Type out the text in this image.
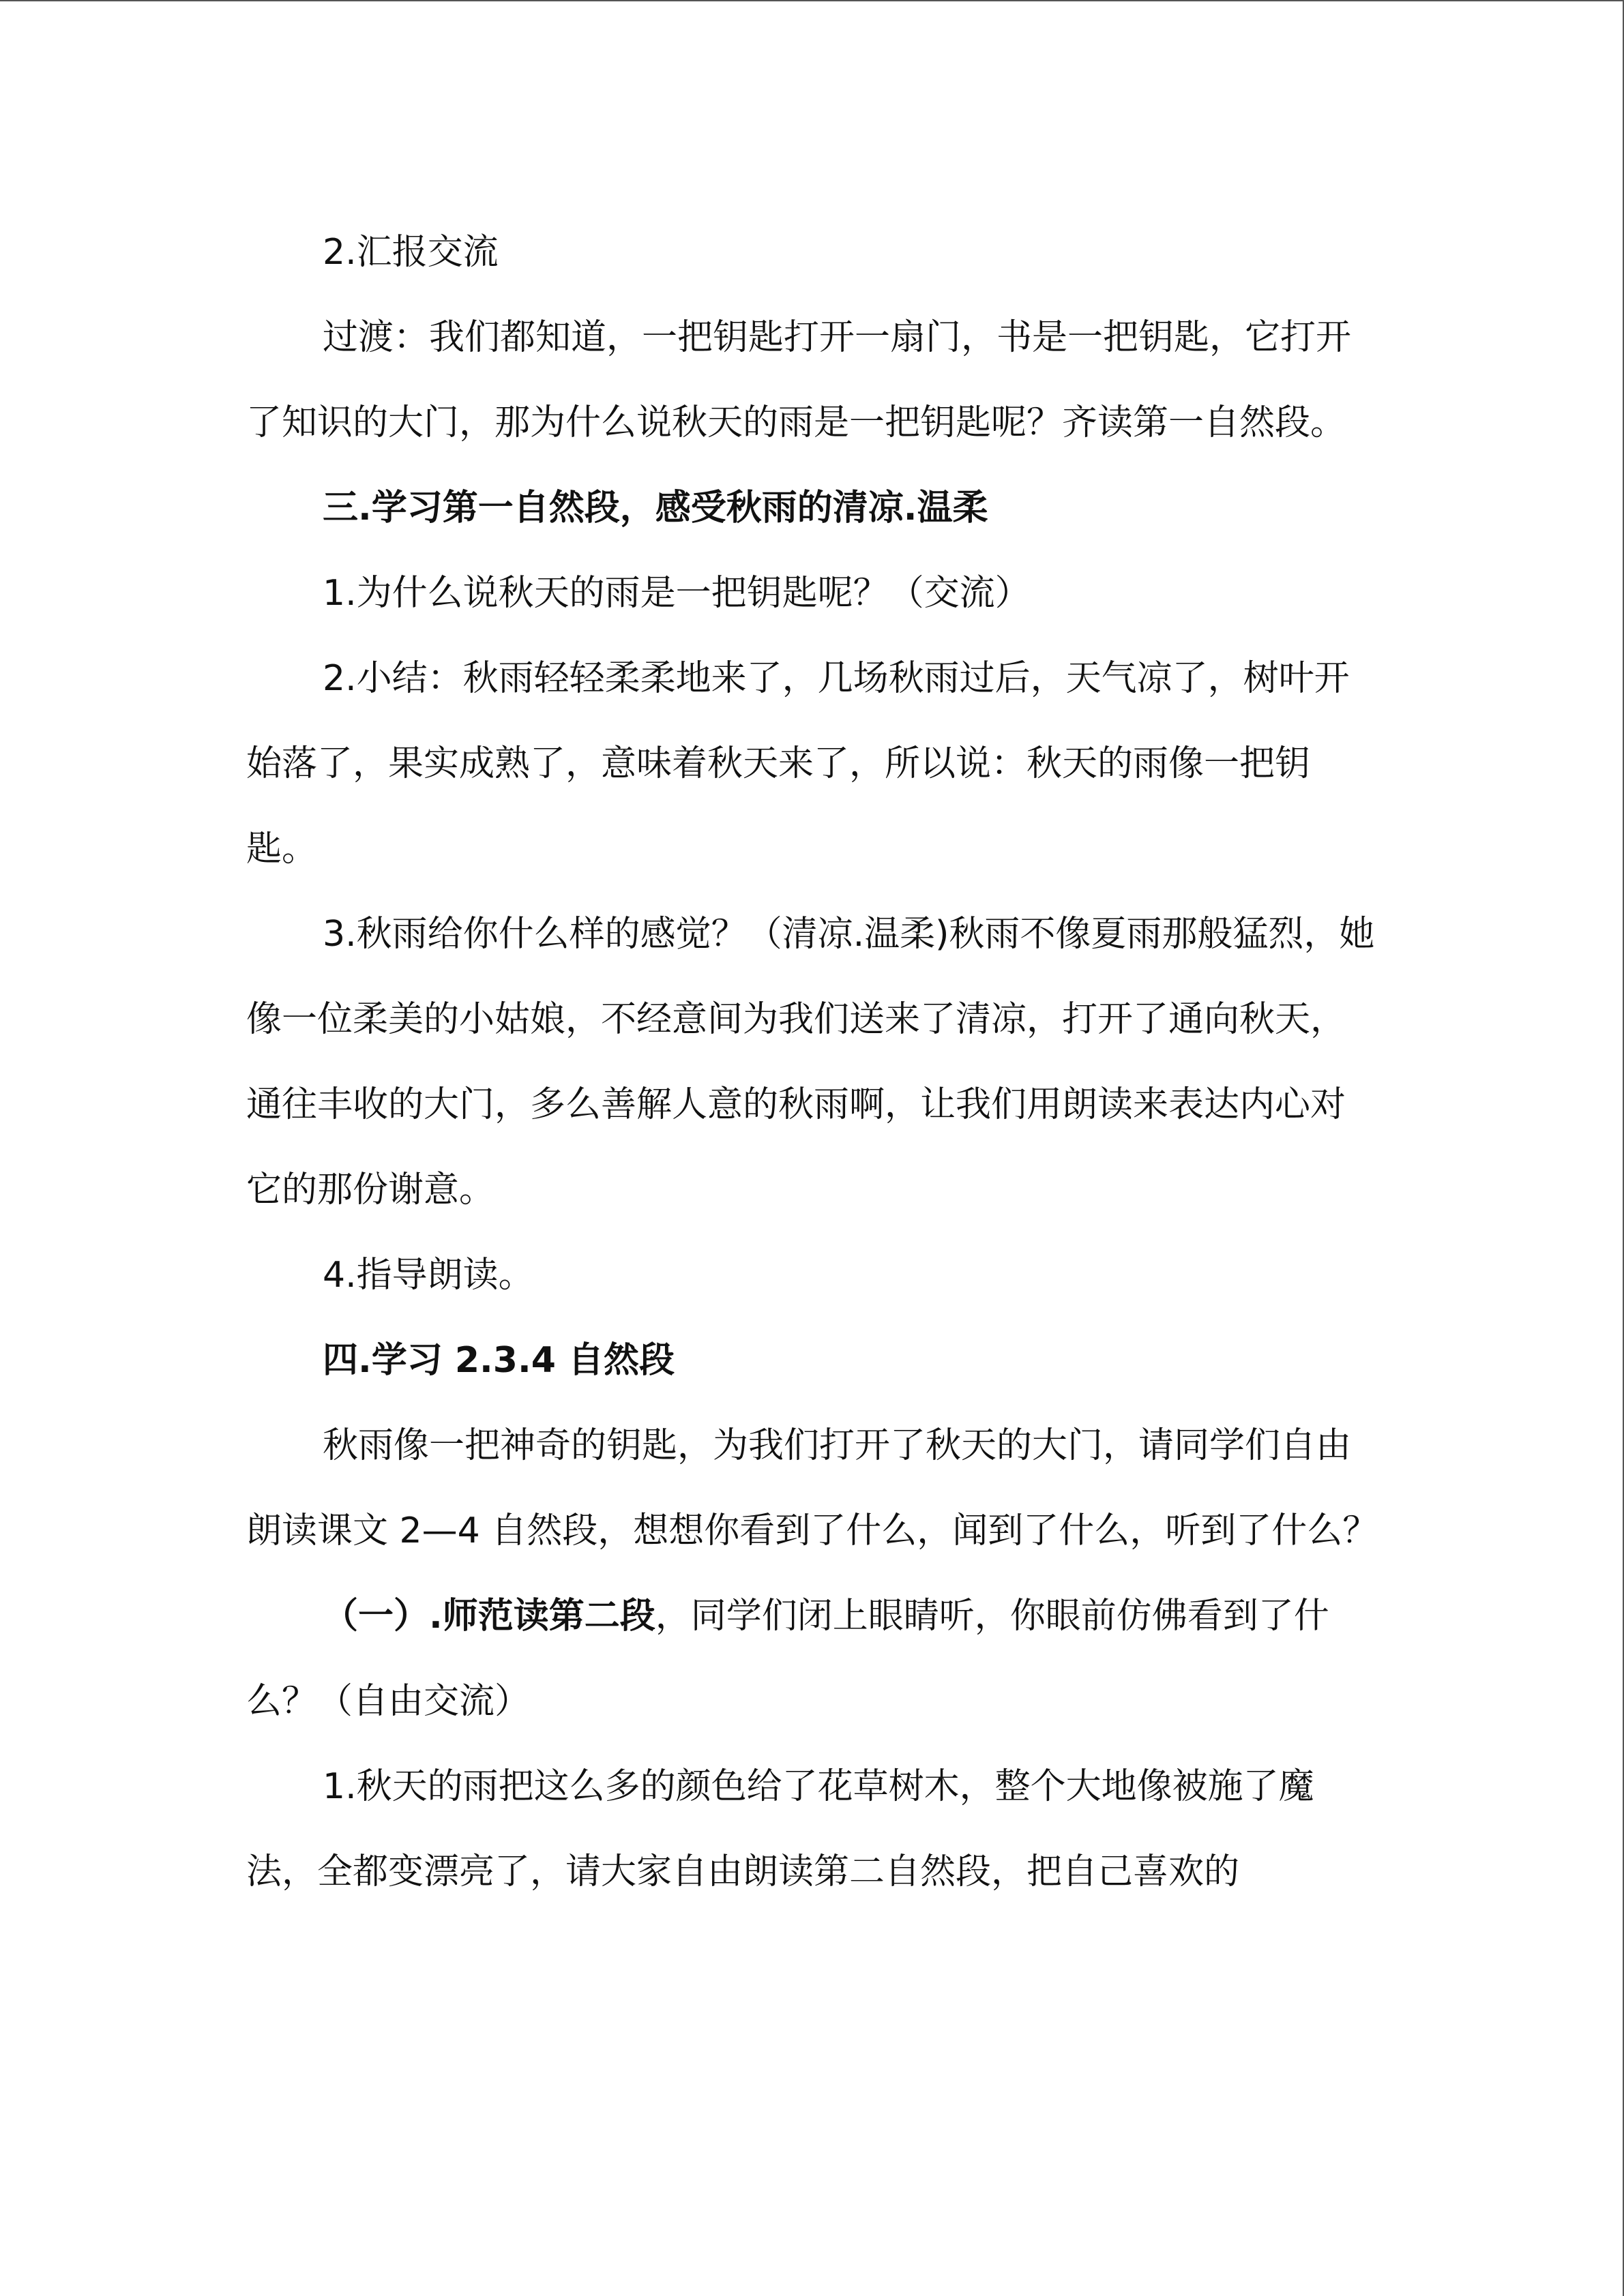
2.汇报交流

过渡：我们都知道，一把钥匙打开一扇门，书是一把钥匙，它打开了知识的大门，那为什么说秋天的雨是一把钥匙呢？齐读第一自然段。

三.学习第一自然段，感受秋雨的清凉.温柔

1.为什么说秋天的雨是一把钥匙呢？（交流）

2.小结：秋雨轻轻柔柔地来了，几场秋雨过后，天气凉了，树叶开始落了，果实成熟了，意味着秋天来了，所以说：秋天的雨像一把钥匙。

3.秋雨给你什么样的感觉？（清凉.温柔)秋雨不像夏雨那般猛烈，她像一位柔美的小姑娘，不经意间为我们送来了清凉，打开了通向秋天，通往丰收的大门，多么善解人意的秋雨啊，让我们用朗读来表达内心对它的那份谢意。

4.指导朗读。

四.学习 2.3.4 自然段

秋雨像一把神奇的钥匙，为我们打开了秋天的大门，请同学们自由朗读课文 2—4 自然段，想想你看到了什么，闻到了什么，听到了什么？

（一）.师范读第二段，同学们闭上眼睛听，你眼前仿佛看到了什么？（自由交流）

1.秋天的雨把这么多的颜色给了花草树木，整个大地像被施了魔法，全都变漂亮了，请大家自由朗读第二自然段，把自己喜欢的
